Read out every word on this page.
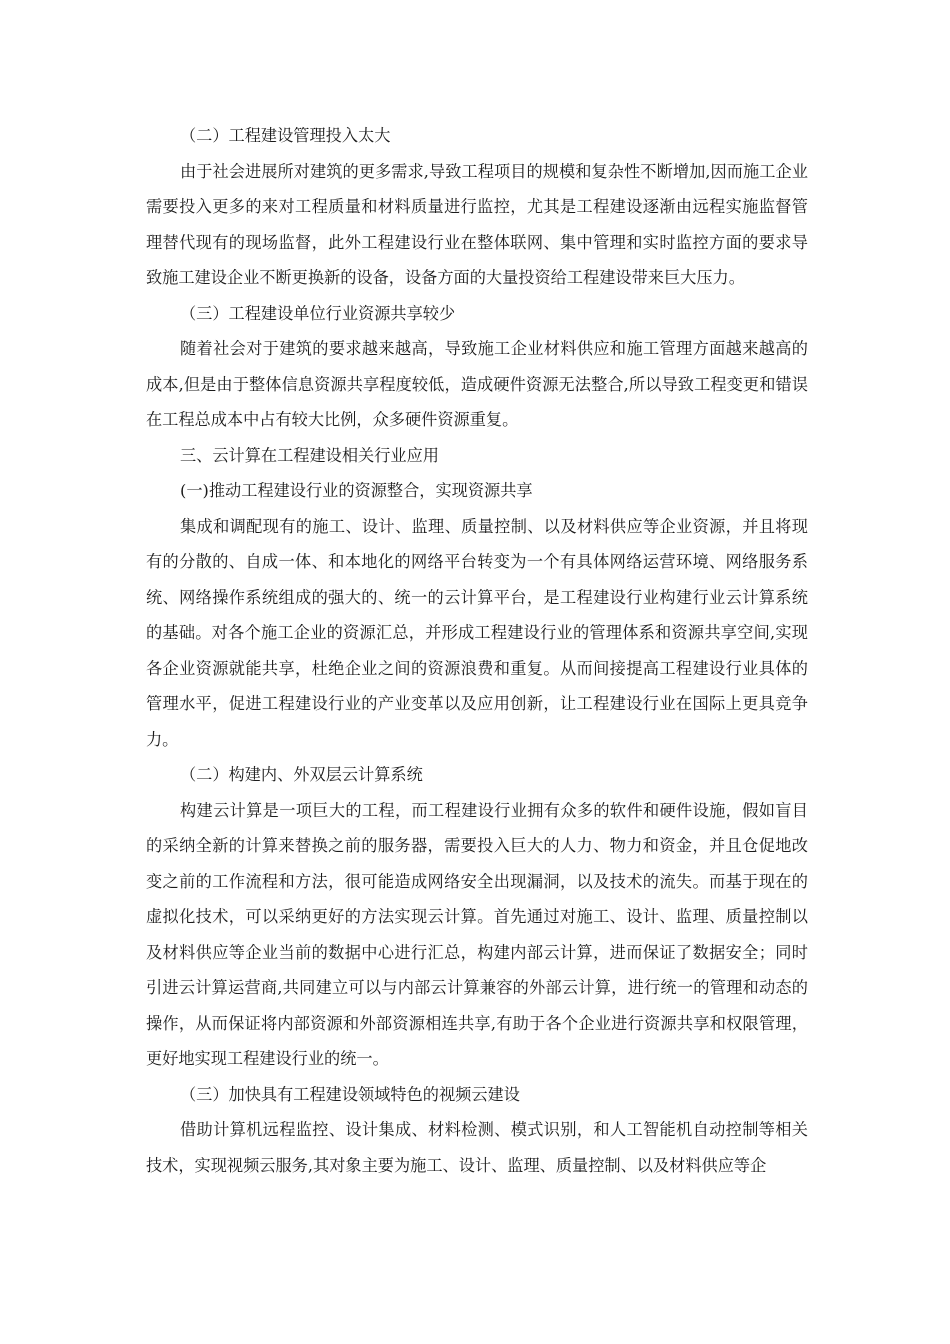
（二）工程建设管理投入太大

由于社会进展所对建筑的更多需求,导致工程项目的规模和复杂性不断增加,因而施工企业需要投入更多的来对工程质量和材料质量进行监控，尤其是工程建设逐渐由远程实施监督管理替代现有的现场监督，此外工程建设行业在整体联网、集中管理和实时监控方面的要求导致施工建设企业不断更换新的设备，设备方面的大量投资给工程建设带来巨大压力。

（三）工程建设单位行业资源共享较少

随着社会对于建筑的要求越来越高，导致施工企业材料供应和施工管理方面越来越高的成本,但是由于整体信息资源共享程度较低，造成硬件资源无法整合,所以导致工程变更和错误在工程总成本中占有较大比例，众多硬件资源重复。

三、云计算在工程建设相关行业应用

(一)推动工程建设行业的资源整合，实现资源共享

集成和调配现有的施工、设计、监理、质量控制、以及材料供应等企业资源，并且将现有的分散的、自成一体、和本地化的网络平台转变为一个有具体网络运营环境、网络服务系统、网络操作系统组成的强大的、统一的云计算平台，是工程建设行业构建行业云计算系统的基础。对各个施工企业的资源汇总，并形成工程建设行业的管理体系和资源共享空间,实现各企业资源就能共享，杜绝企业之间的资源浪费和重复。从而间接提高工程建设行业具体的管理水平，促进工程建设行业的产业变革以及应用创新，让工程建设行业在国际上更具竞争力。

（二）构建内、外双层云计算系统

构建云计算是一项巨大的工程，而工程建设行业拥有众多的软件和硬件设施，假如盲目的采纳全新的计算来替换之前的服务器，需要投入巨大的人力、物力和资金，并且仓促地改变之前的工作流程和方法，很可能造成网络安全出现漏洞，以及技术的流失。而基于现在的虚拟化技术，可以采纳更好的方法实现云计算。首先通过对施工、设计、监理、质量控制以及材料供应等企业当前的数据中心进行汇总，构建内部云计算，进而保证了数据安全；同时引进云计算运营商,共同建立可以与内部云计算兼容的外部云计算，进行统一的管理和动态的操作，从而保证将内部资源和外部资源相连共享,有助于各个企业进行资源共享和权限管理，更好地实现工程建设行业的统一。

（三）加快具有工程建设领域特色的视频云建设

借助计算机远程监控、设计集成、材料检测、模式识别，和人工智能机自动控制等相关技术，实现视频云服务,其对象主要为施工、设计、监理、质量控制、以及材料供应等企
